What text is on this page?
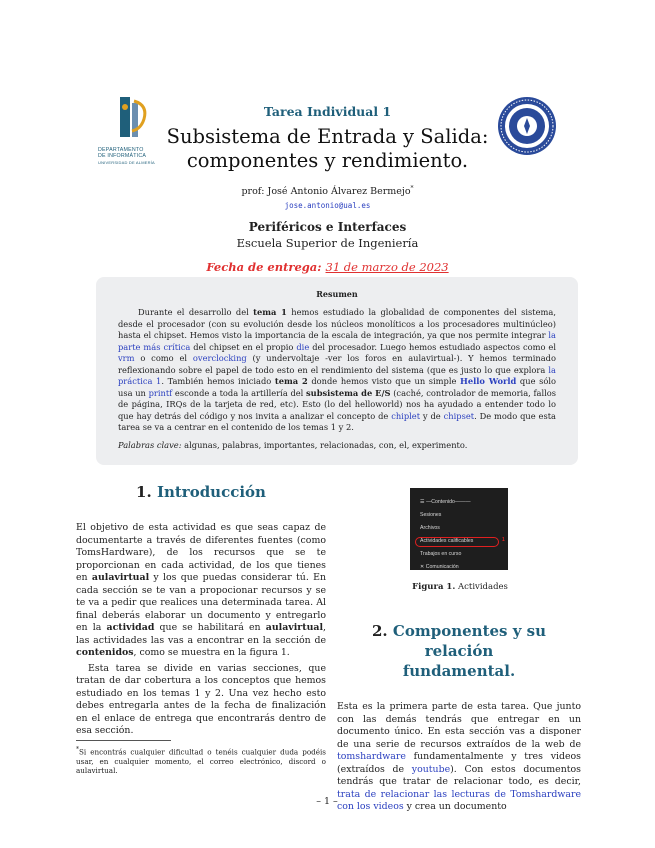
DEPARTAMENTO
DE INFORMÁTICA
UNIVERSIDAD DE ALMERÍA
Tarea Individual 1
Subsistema de Entrada y Salida:
componentes y rendimiento.
prof: José Antonio Álvarez Bermejo*
jose.antonio@ual.es
Periféricos e Interfaces
Escuela Superior de Ingeniería
Fecha de entrega: 31 de marzo de 2023
Resumen
Durante el desarrollo del tema 1 hemos estudiado la globalidad de componentes del sistema, desde el procesador (con su evolución desde los núcleos monolíticos a los procesadores multinúcleo) hasta el chipset. Hemos visto la importancia de la escala de integración, ya que nos permite integrar la parte más crítica del chipset en el propio die del procesador. Luego hemos estudiado aspectos como el vrm o como el overclocking (y undervoltaje -ver los foros en aulavirtual-). Y hemos terminado reflexionando sobre el papel de todo esto en el rendimiento del sistema (que es justo lo que explora la práctica 1. También hemos iniciado tema 2 donde hemos visto que un simple Hello World que sólo usa un printf esconde a toda la artillería del subsistema de E/S (caché, controlador de memoria, fallos de página, IRQs de la tarjeta de red, etc). Esto (lo del helloworld) nos ha ayudado a entender todo lo que hay detrás del código y nos invita a analizar el concepto de chiplet y de chipset. De modo que esta tarea se va a centrar en el contenido de los temas 1 y 2.
Palabras clave: algunas, palabras, importantes, relacionadas, con, el, experimento.
1. Introducción
El objetivo de esta actividad es que seas capaz de documentarte a través de diferentes fuentes (como TomsHardware), de los recursos que se te proporcionan en cada actividad, de los que tienes en aulavirtual y los que puedas considerar tú. En cada sección se te van a propocionar recursos y se te va a pedir que realices una determinada tarea. Al final deberás elaborar un documento y entregarlo en la actividad que se habilitará en aulavirtual, las actividades las vas a encontrar en la sección de contenidos, como se muestra en la figura 1.
Esta tarea se divide en varias secciones, que tratan de dar cobertura a los conceptos que hemos estudiado en los temas 1 y 2. Una vez hecho esto debes entregarla antes de la fecha de finalización en el enlace de entrega que encontrarás dentro de esa sección.
☰ —Contenido———
Sesiones
Archivos
Actividades calificables	1
Trabajos en curso
✕ Comunicación
Figura 1. Actividades
2. Componentes y su relación
fundamental.
Esta es la primera parte de esta tarea. Que junto con las demás tendrás que entregar en un documento único. En esta sección vas a disponer de una serie de recursos extraídos de la web de tomshardware fundamentalmente y tres videos (extraídos de youtube). Con estos documentos tendrás que tratar de relacionar todo, es decir, trata de relacionar las lecturas de Tomshardware con los videos y crea un documento
*Si encontrás cualquier dificultad o tenéis cualquier duda podéis usar, en cualquier momento, el correo electrónico, discord o aulavirtual.
– 1 –
